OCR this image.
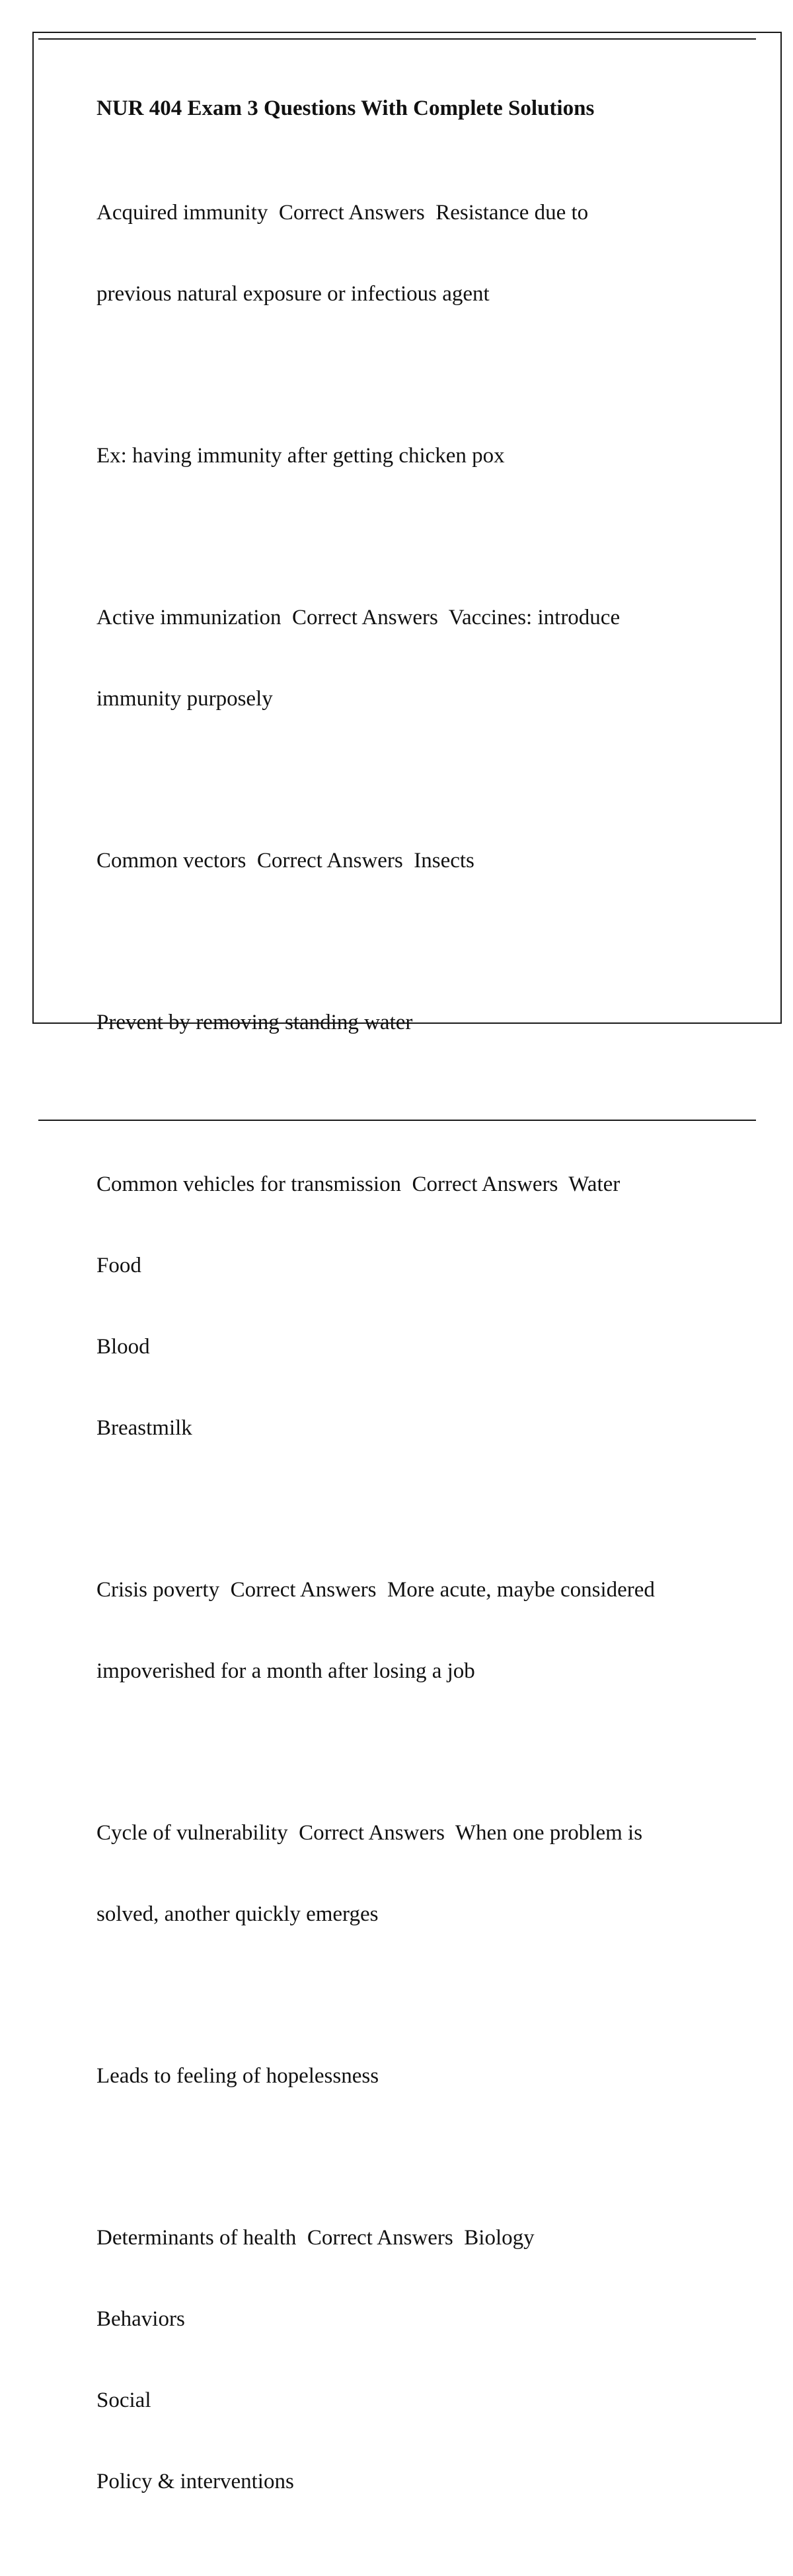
NUR 404 Exam 3 Questions With Complete Solutions

Acquired immunity  Correct Answers  Resistance due to

previous natural exposure or infectious agent

Ex: having immunity after getting chicken pox

Active immunization  Correct Answers  Vaccines: introduce

immunity purposely

Common vectors  Correct Answers  Insects

Prevent by removing standing water

Common vehicles for transmission  Correct Answers  Water

Food

Blood

Breastmilk

Crisis poverty  Correct Answers  More acute, maybe considered

impoverished for a month after losing a job

Cycle of vulnerability  Correct Answers  When one problem is

solved, another quickly emerges

Leads to feeling of hopelessness

Determinants of health  Correct Answers  Biology

Behaviors

Social

Policy & interventions
